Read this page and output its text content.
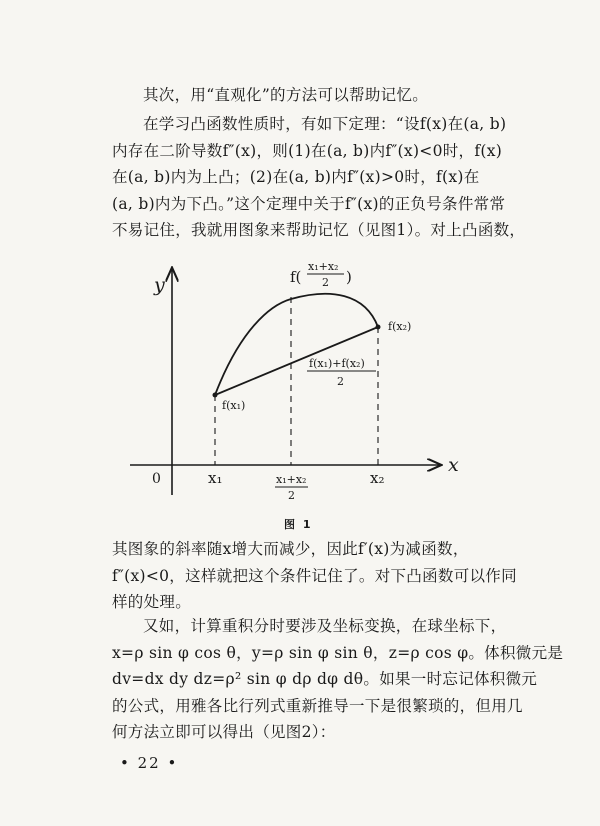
其次，用“直观化”的方法可以帮助记忆。
在学习凸函数性质时，有如下定理：“设f(x)在(a, b)
内存在二阶导数f″(x)，则(1)在(a, b)内f″(x)<0时，f(x)
在(a, b)内为上凸；(2)在(a, b)内f″(x)>0时，f(x)在
(a, b)内为下凸。”这个定理中关于f″(x)的正负号条件常常
不易记住，我就用图象来帮助记忆（见图1）。对上凸函数，
y
x
0
f(x₁)
f(x₂)
f(
x₁+x₂
2 )
f(x₁)+f(x₂)
2
x₁	x₁+x₂
2
x₂
图 1
其图象的斜率随x增大而减少，因此f′(x)为减函数，
f″(x)<0，这样就把这个条件记住了。对下凸函数可以作同
样的处理。
又如，计算重积分时要涉及坐标变换，在球坐标下，
x=ρ sin φ cos θ，y=ρ sin φ sin θ，z=ρ cos φ。体积微元是
dv=dx dy dz=ρ² sin φ dρ dφ dθ。如果一时忘记体积微元
的公式，用雅各比行列式重新推导一下是很繁琐的，但用几
何方法立即可以得出（见图2）：
• 22 •
